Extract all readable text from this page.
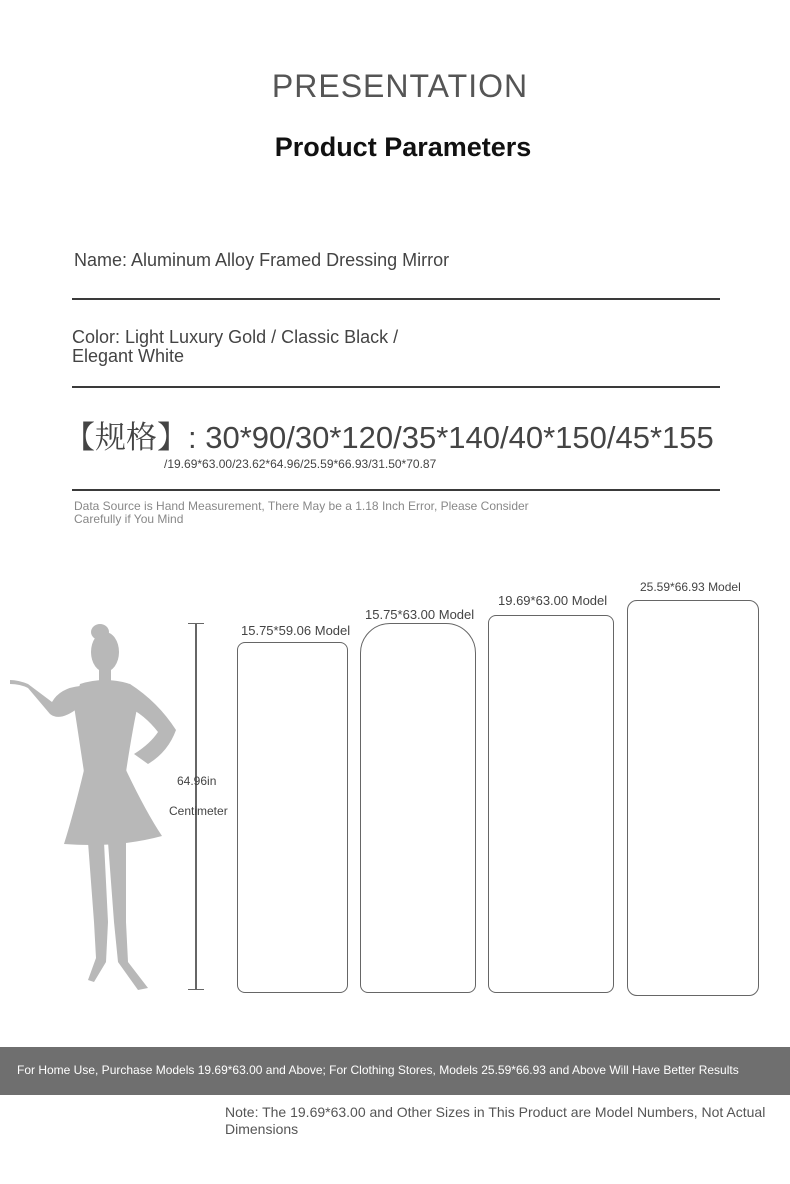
PRESENTATION
Product Parameters
Name: Aluminum Alloy Framed Dressing Mirror
Color: Light Luxury Gold / Classic Black / Elegant White
【规格】: 30*90/30*120/35*140/40*150/45*155
/19.69*63.00/23.62*64.96/25.59*66.93/31.50*70.87
Data Source is Hand Measurement, There May be a 1.18 Inch Error, Please Consider Carefully if You Mind
64.96in
Centimeter
15.75*59.06 Model
15.75*63.00 Model
19.69*63.00 Model
25.59*66.93 Model
For Home Use, Purchase Models 19.69*63.00 and Above; For Clothing Stores, Models 25.59*66.93 and Above Will Have Better Results
Note: The 19.69*63.00 and Other Sizes in This Product are Model Numbers, Not Actual Dimensions
